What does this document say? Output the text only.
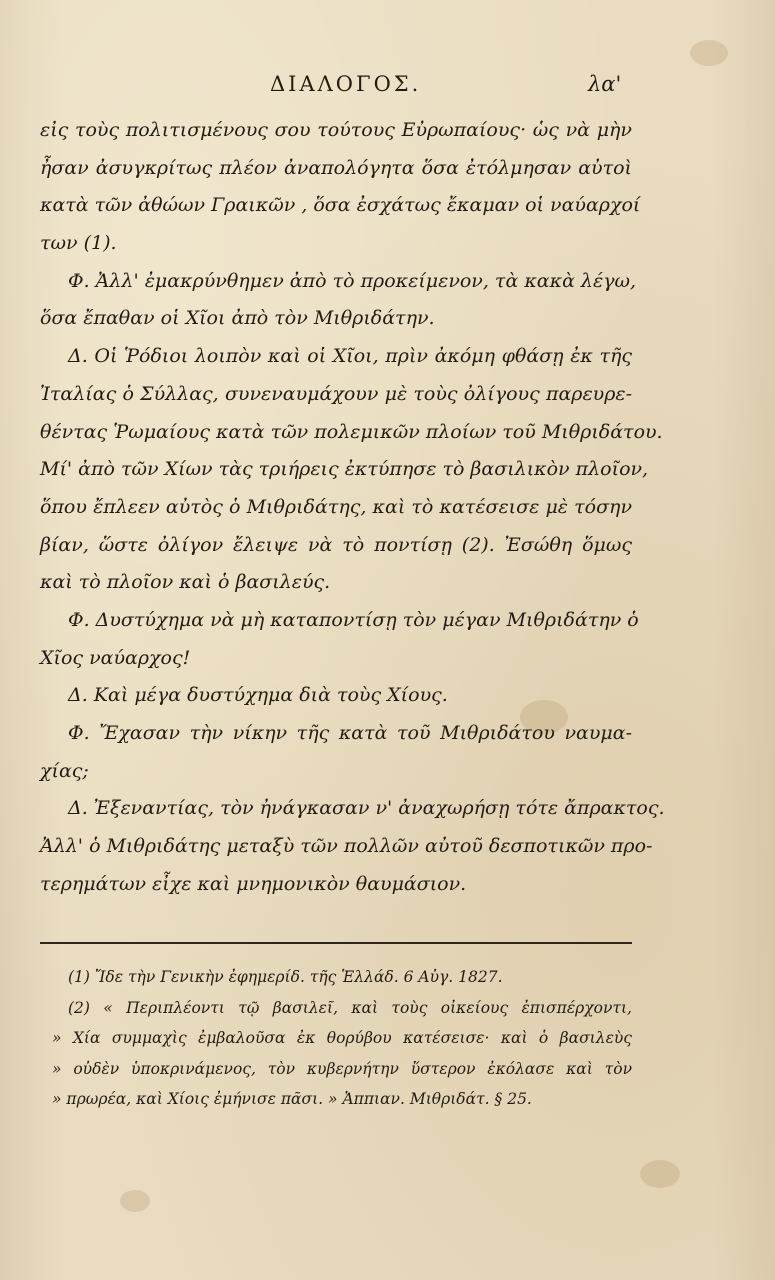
ΔΙΑΛΟΓΟΣ.	λα'
εἰς τοὺς πολιτισμένους σου τούτους Εὐρωπαίους· ὡς νὰ μὴν
ἦσαν ἀσυγκρίτως πλέον ἀναπολόγητα ὅσα ἐτόλμησαν αὐτοὶ
κατὰ τῶν ἀθώων Γραικῶν , ὅσα ἐσχάτως ἔκαμαν οἱ ναύαρχοί
των (1).
Φ. Ἀλλ' ἐμακρύνθημεν ἀπὸ τὸ προκείμενον, τὰ κακὰ λέγω,
ὅσα ἔπαθαν οἱ Χῖοι ἀπὸ τὸν Μιθριδάτην.
Δ. Οἱ Ῥόδιοι λοιπὸν καὶ οἱ Χῖοι, πρὶν ἀκόμη φθάσῃ ἐκ τῆς
Ἰταλίας ὁ Σύλλας, συνεναυμάχουν μὲ τοὺς ὀλίγους παρευρε-
θέντας Ῥωμαίους κατὰ τῶν πολεμικῶν πλοίων τοῦ Μιθριδάτου.
Μί' ἀπὸ τῶν Χίων τὰς τριήρεις ἐκτύπησε τὸ βασιλικὸν πλοῖον,
ὅπου ἔπλεεν αὐτὸς ὁ Μιθριδάτης, καὶ τὸ κατέσεισε μὲ τόσην
βίαν, ὥστε ὀλίγον ἔλειψε νὰ τὸ ποντίσῃ (2). Ἐσώθη ὅμως
καὶ τὸ πλοῖον καὶ ὁ βασιλεύς.
Φ. Δυστύχημα νὰ μὴ καταποντίσῃ τὸν μέγαν Μιθριδάτην ὁ
Χῖος ναύαρχος!
Δ. Καὶ μέγα δυστύχημα διὰ τοὺς Χίους.
Φ. Ἔχασαν τὴν νίκην τῆς κατὰ τοῦ Μιθριδάτου ναυμα-
χίας;
Δ. Ἐξεναντίας, τὸν ἠνάγκασαν ν' ἀναχωρήσῃ τότε ἄπρακτος.
Ἀλλ' ὁ Μιθριδάτης μεταξὺ τῶν πολλῶν αὐτοῦ δεσποτικῶν προ-
τερημάτων εἶχε καὶ μνημονικὸν θαυμάσιον.
(1) Ἴδε τὴν Γενικὴν ἐφημερίδ. τῆς Ἑλλάδ. 6 Αὐγ. 1827.
(2) « Περιπλέοντι τῷ βασιλεῖ, καὶ τοὺς οἰκείους ἐπισπέρχοντι,
» Χία συμμαχὶς ἐμβαλοῦσα ἐκ θορύβου κατέσεισε· καὶ ὁ βασιλεὺς
» οὐδὲν ὑποκρινάμενος, τὸν κυβερνήτην ὕστερον ἐκόλασε καὶ τὸν
» πρωρέα, καὶ Χίοις ἐμήνισε πᾶσι. » Ἀππιαν. Μιθριδάτ. § 25.
